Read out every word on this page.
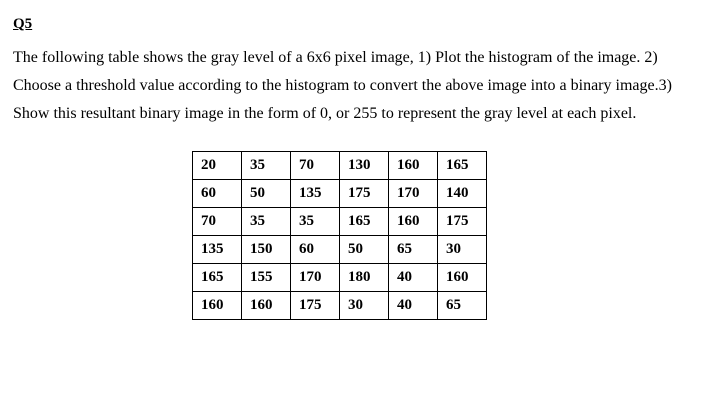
Q5
The following table shows the gray level of a 6x6 pixel image, 1) Plot the histogram of the image. 2)
Choose a threshold value according to the histogram to convert the above image into a binary image.3)
Show this resultant binary image in the form of 0, or 255 to represent the gray level at each pixel.
20	35	70	130	160	165
60	50	135	175	170	140
70	35	35	165	160	175
135	150	60	50	65	30
165	155	170	180	40	160
160	160	175	30	40	65
